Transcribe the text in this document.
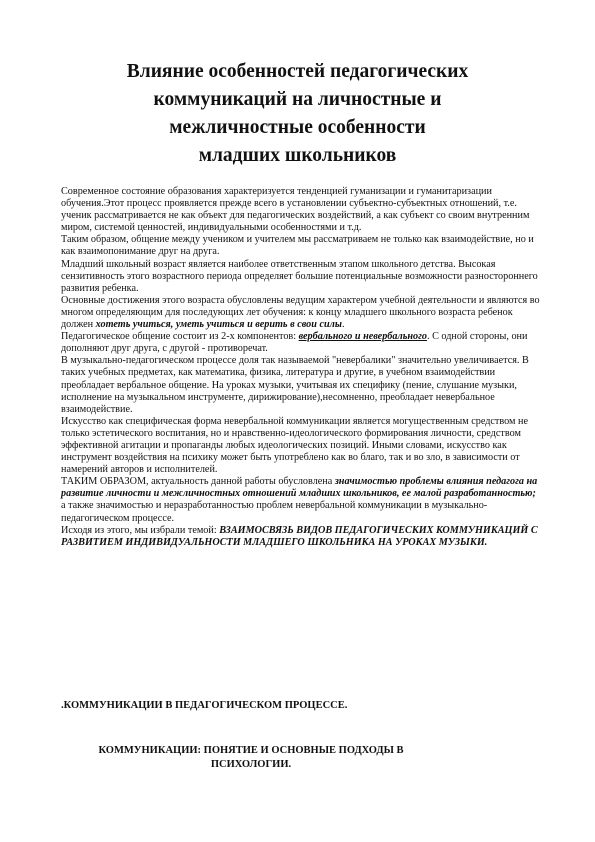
Влияние особенностей педагогических
коммуникаций на личностные и
межличностные особенности
младших школьников

Современное состояние образования характеризуется тенденцией гуманизации и гуманитаризации обучения.Этот процесс проявляется прежде всего в установлении субъектно-субъектных отношений, т.е. ученик рассматривается не как объект для педагогических воздействий, а как субъект со своим внутренним миром, системой ценностей, индивидуальными особенностями и т.д.

Таким образом, общение между учеником и учителем мы рассматриваем не только как взаимодействие, но и как взаимопонимание друг на друга.

Младший школьный возраст является наиболее ответственным этапом школьного детства. Высокая сензитивность этого возрастного периода определяет большие потенциальные возможности разностороннего развития ребенка.

Основные достижения этого возраста обусловлены ведущим характером учебной деятельности и являются во многом определяющим для последующих лет обучения: к концу младшего школьного возраста ребенок должен хотеть учиться, уметь учиться и верить в свои силы.

Педагогическое общение состоит из 2-х компонентов: вербального и невербального. С одной стороны, они дополняют друг друга, с другой - противоречат.

В музыкально-педагогическом процессе доля так называемой "невербалики" значительно увеличивается. В таких учебных предметах, как математика, физика, литература и другие, в учебном взаимодействии преобладает вербальное общение. На уроках музыки, учитывая их специфику (пение, слушание музыки, исполнение на музыкальном инструменте, дирижирование),несомненно, преобладает невербальное взаимодействие.

Искусство как специфическая форма невербальной коммуникации является могущественным средством не только эстетического воспитания, но и нравственно-идеологического формирования личности, средством эффективной агитации и пропаганды любых идеологических позиций. Иными словами, искусство как инструмент воздействия на психику может быть употреблено как во благо, так и во зло, в зависимости от намерений авторов и исполнителей.

ТАКИМ ОБРАЗОМ, актуальность данной работы обусловлена значимостью проблемы влияния педагога на развитие личности и межличностных отношений младших школьников, ее малой разработанностью; а также значимостью и неразработанностью проблем невербальной коммуникации в музыкально-педагогическом процессе.

Исходя из этого, мы избрали темой: ВЗАИМОСВЯЗЬ ВИДОВ ПЕДАГОГИЧЕСКИХ КОММУНИКАЦИЙ С РАЗВИТИЕМ ИНДИВИДУАЛЬНОСТИ МЛАДШЕГО ШКОЛЬНИКА НА УРОКАХ МУЗЫКИ.

.КОММУНИКАЦИИ В ПЕДАГОГИЧЕСКОМ ПРОЦЕССЕ.
КОММУНИКАЦИИ: ПОНЯТИЕ И ОСНОВНЫЕ ПОДХОДЫ В
ПСИХОЛОГИИ.
